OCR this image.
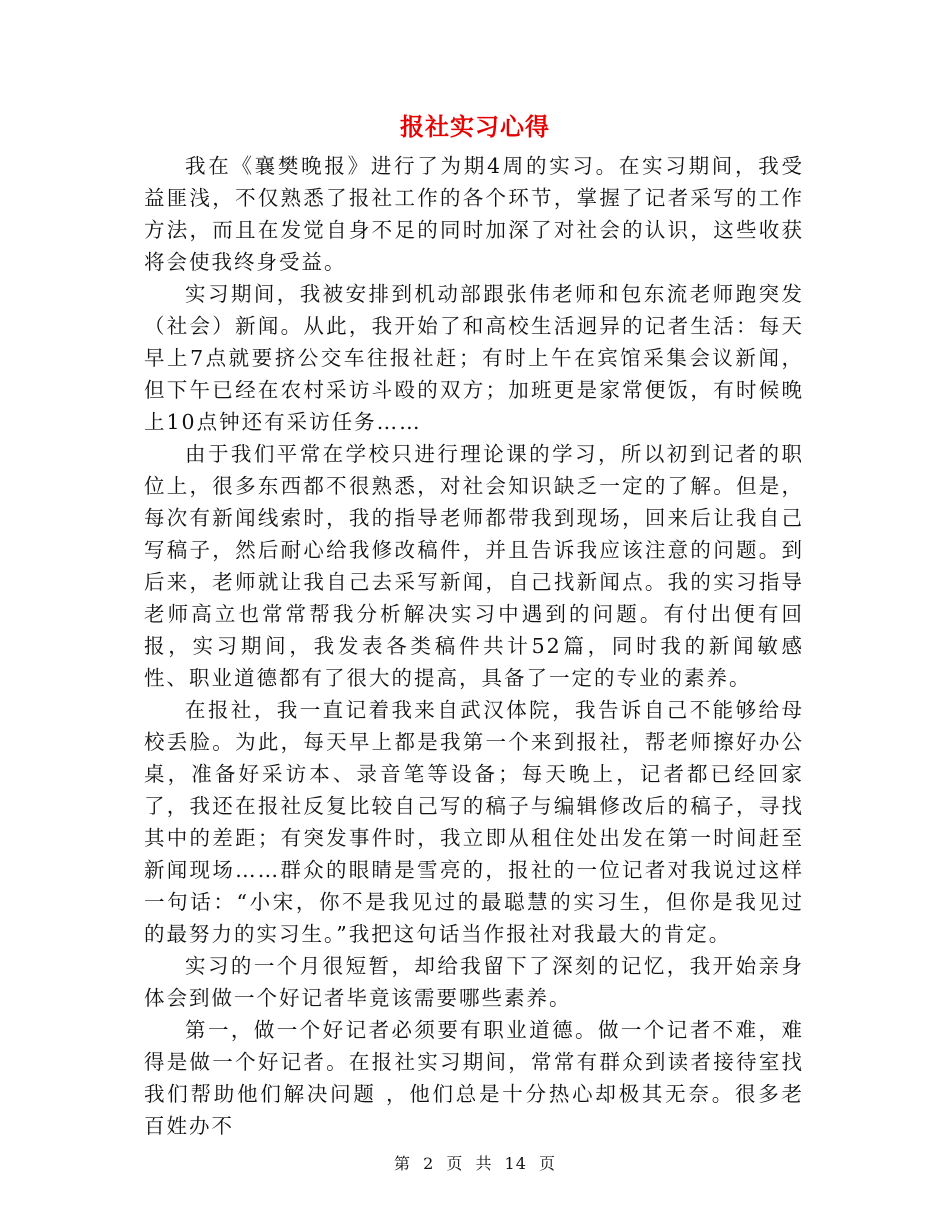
报社实习心得

我在《襄樊晚报》进行了为期4周的实习。在实习期间，我受益匪浅，不仅熟悉了报社工作的各个环节，掌握了记者采写的工作方法，而且在发觉自身不足的同时加深了对社会的认识，这些收获将会使我终身受益。

实习期间，我被安排到机动部跟张伟老师和包东流老师跑突发（社会）新闻。从此，我开始了和高校生活迥异的记者生活：每天早上7点就要挤公交车往报社赶；有时上午在宾馆采集会议新闻，但下午已经在农村采访斗殴的双方；加班更是家常便饭，有时候晚上10点钟还有采访任务……

由于我们平常在学校只进行理论课的学习，所以初到记者的职位上，很多东西都不很熟悉，对社会知识缺乏一定的了解。但是，每次有新闻线索时，我的指导老师都带我到现场，回来后让我自己写稿子，然后耐心给我修改稿件，并且告诉我应该注意的问题。到后来，老师就让我自己去采写新闻，自己找新闻点。我的实习指导老师高立也常常帮我分析解决实习中遇到的问题。有付出便有回报，实习期间，我发表各类稿件共计52篇，同时我的新闻敏感性、职业道德都有了很大的提高，具备了一定的专业的素养。

在报社，我一直记着我来自武汉体院，我告诉自己不能够给母校丢脸。为此，每天早上都是我第一个来到报社，帮老师擦好办公桌，准备好采访本、录音笔等设备；每天晚上，记者都已经回家了，我还在报社反复比较自己写的稿子与编辑修改后的稿子，寻找其中的差距；有突发事件时，我立即从租住处出发在第一时间赶至新闻现场……群众的眼睛是雪亮的，报社的一位记者对我说过这样一句话：“小宋，你不是我见过的最聪慧的实习生，但你是我见过的最努力的实习生。”我把这句话当作报社对我最大的肯定。

实习的一个月很短暂，却给我留下了深刻的记忆，我开始亲身体会到做一个好记者毕竟该需要哪些素养。

第一，做一个好记者必须要有职业道德。做一个记者不难，难得是做一个好记者。在报社实习期间，常常有群众到读者接待室找我们帮助他们解决问题 ，他们总是十分热心却极其无奈。很多老百姓办不

第 2 页 共 14 页
